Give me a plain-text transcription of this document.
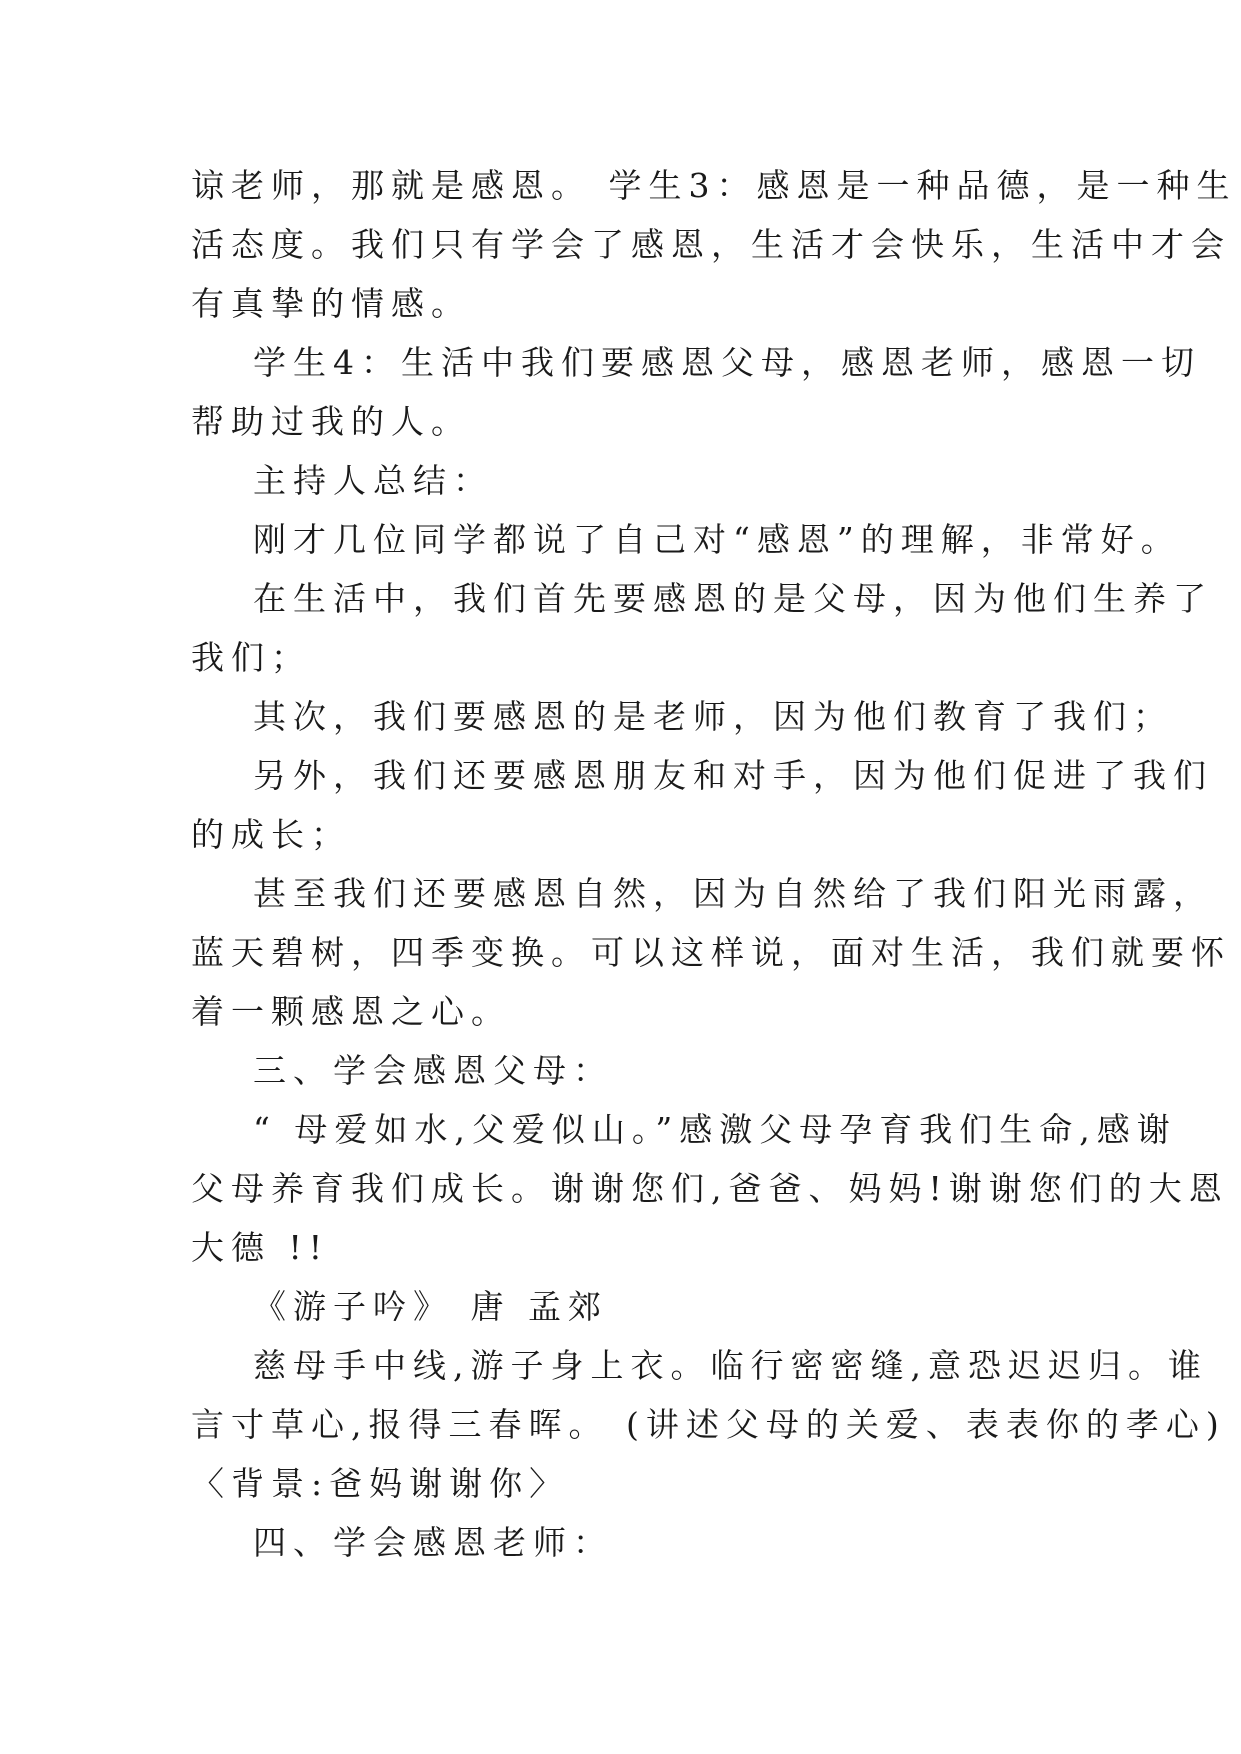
谅老师，那就是感恩。 学生3：感恩是一种品德，是一种生
活态度。我们只有学会了感恩，生活才会快乐，生活中才会
有真挚的情感。
学生4：生活中我们要感恩父母，感恩老师，感恩一切
帮助过我的人。
主持人总结：
刚才几位同学都说了自己对“感恩”的理解，非常好。
在生活中，我们首先要感恩的是父母，因为他们生养了
我们；
其次，我们要感恩的是老师，因为他们教育了我们；
另外，我们还要感恩朋友和对手，因为他们促进了我们
的成长；
甚至我们还要感恩自然，因为自然给了我们阳光雨露，
蓝天碧树，四季变换。可以这样说，面对生活，我们就要怀
着一颗感恩之心。
三、学会感恩父母：
“ 母爱如水,父爱似山。”感激父母孕育我们生命,感谢
父母养育我们成长。谢谢您们,爸爸、妈妈!谢谢您们的大恩
大德 !!
《游子吟》 唐 孟郊
慈母手中线,游子身上衣。临行密密缝,意恐迟迟归。谁
言寸草心,报得三春晖。 (讲述父母的关爱、表表你的孝心)
〈背景:爸妈谢谢你〉
四、学会感恩老师：
